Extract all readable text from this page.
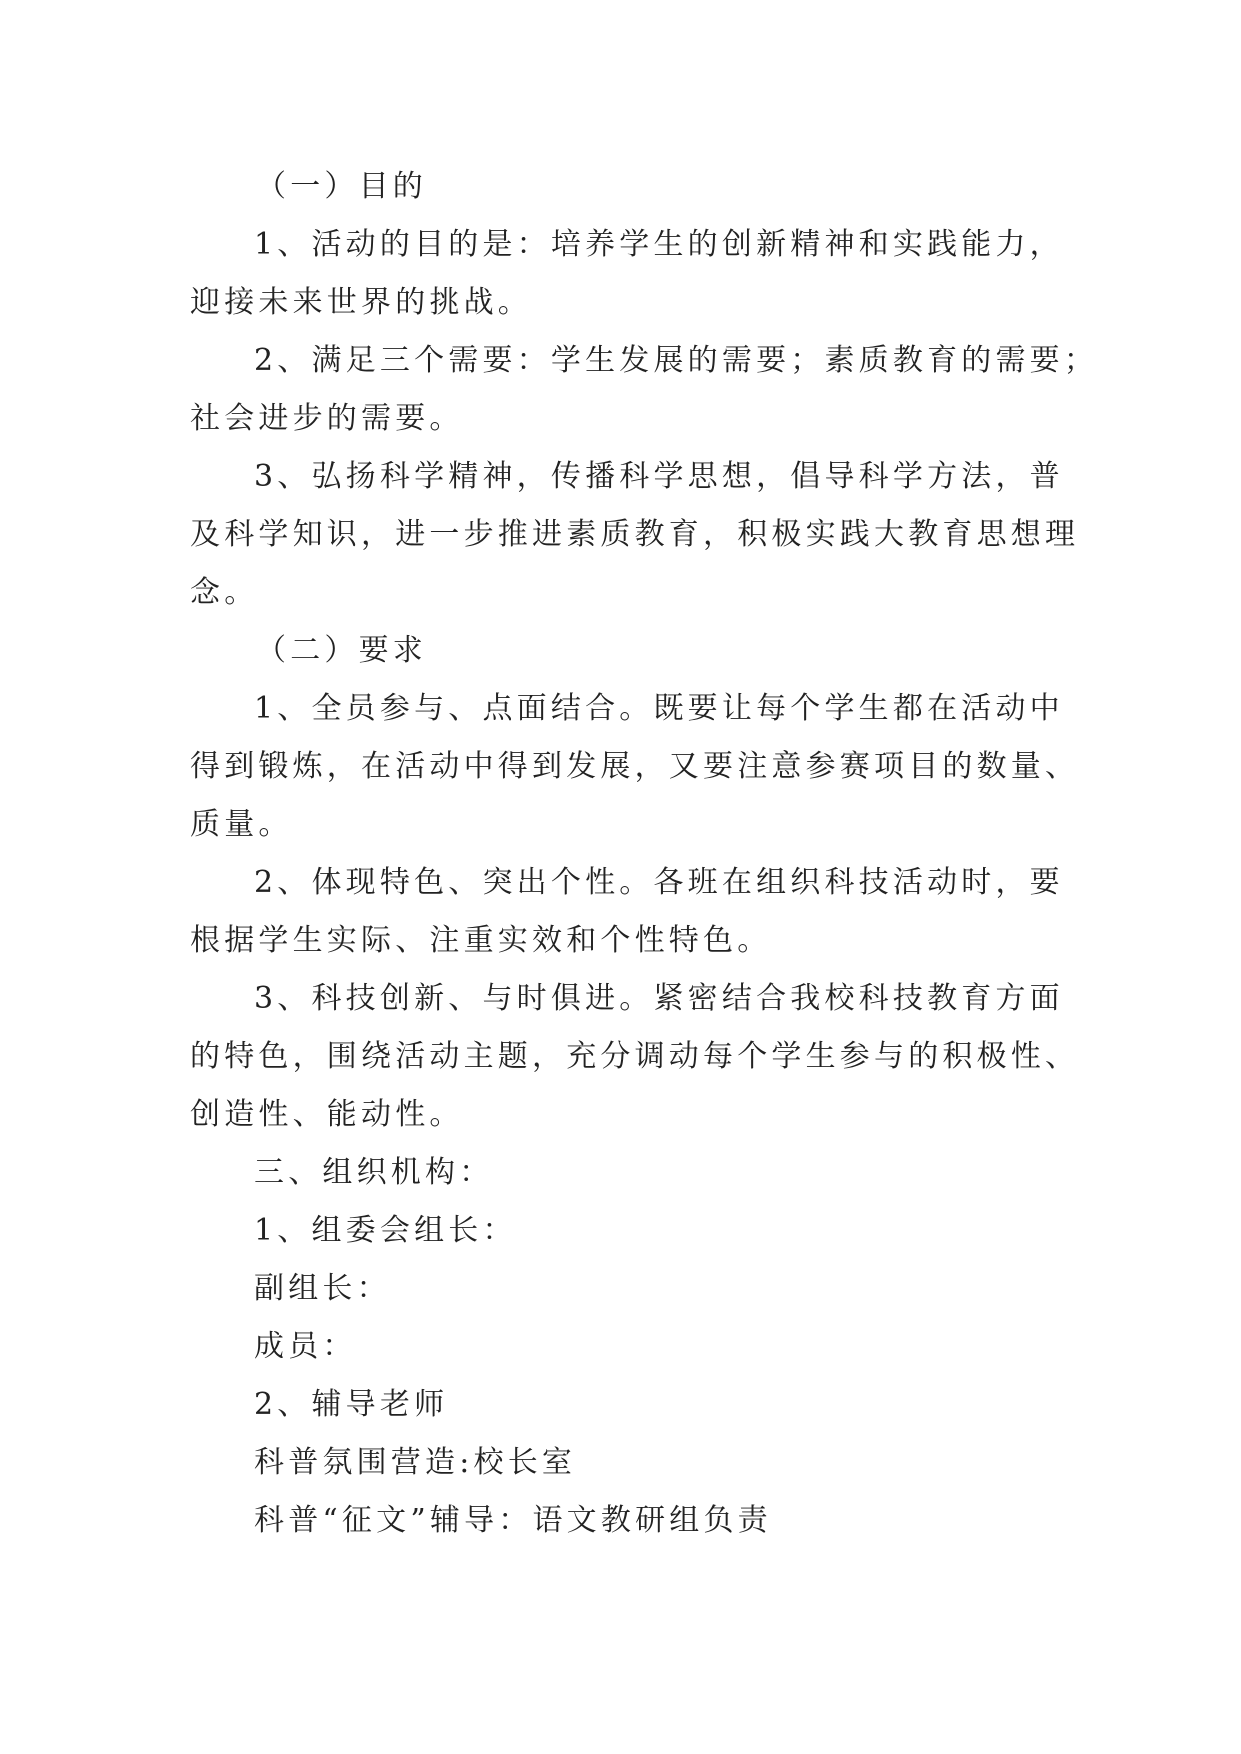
（一）目的
1、活动的目的是：培养学生的创新精神和实践能力，
迎接未来世界的挑战。
2、满足三个需要：学生发展的需要；素质教育的需要；
社会进步的需要。
3、弘扬科学精神，传播科学思想，倡导科学方法，普
及科学知识，进一步推进素质教育，积极实践大教育思想理
念。
（二）要求
1、全员参与、点面结合。既要让每个学生都在活动中
得到锻炼，在活动中得到发展，又要注意参赛项目的数量、
质量。
2、体现特色、突出个性。各班在组织科技活动时，要
根据学生实际、注重实效和个性特色。
3、科技创新、与时俱进。紧密结合我校科技教育方面
的特色，围绕活动主题，充分调动每个学生参与的积极性、
创造性、能动性。
三、组织机构：
1、组委会组长：
副组长：
成员：
2、辅导老师
科普氛围营造:校长室
科普“征文”辅导：语文教研组负责
